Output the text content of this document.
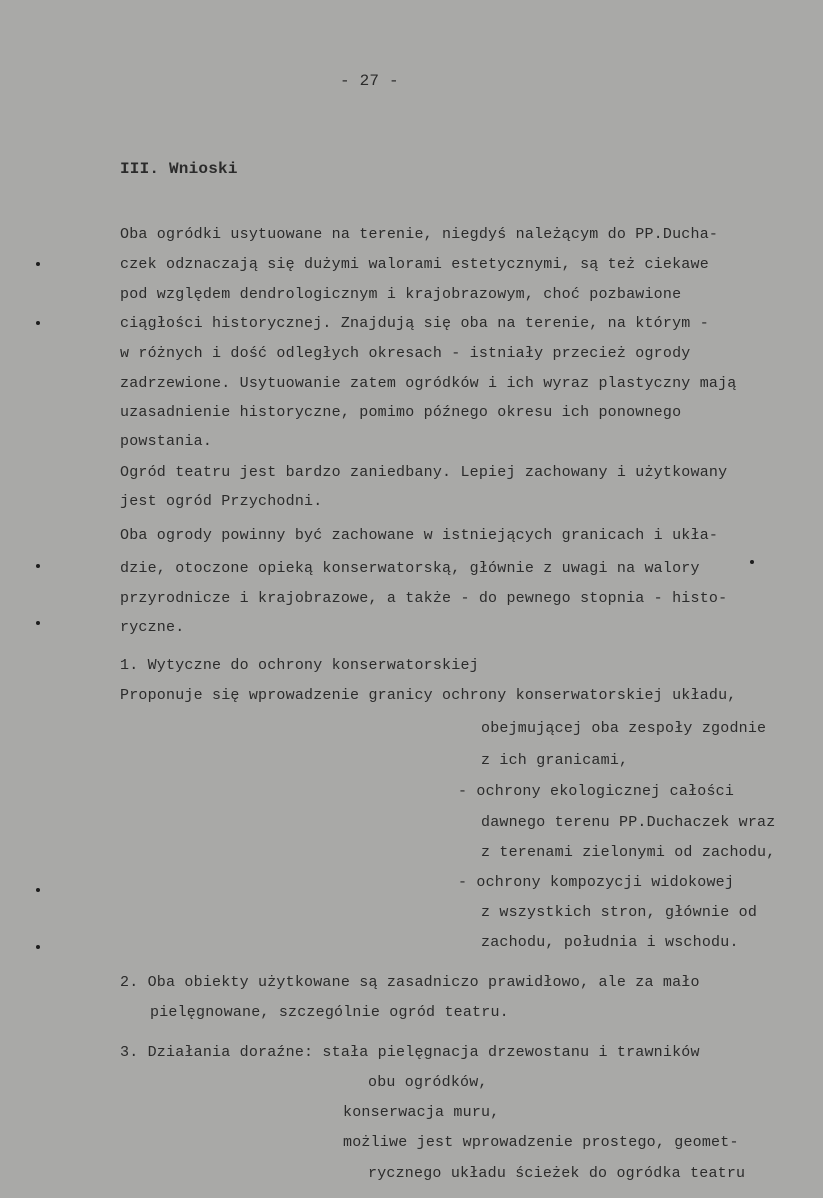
- 27 -
III. Wnioski
Oba ogródki usytuowane na terenie, niegdyś należącym do PP.Ducha-
czek odznaczają się dużymi walorami estetycznymi, są też ciekawe
pod względem dendrologicznym i krajobrazowym, choć pozbawione
ciągłości historycznej. Znajdują się oba na terenie, na którym -
w różnych i dość odległych okresach - istniały przecież ogrody
zadrzewione. Usytuowanie zatem ogródków i ich wyraz plastyczny mają
uzasadnienie historyczne, pomimo późnego okresu ich ponownego
powstania.
Ogród teatru jest bardzo zaniedbany. Lepiej zachowany i użytkowany
jest ogród Przychodni.
Oba ogrody powinny być zachowane w istniejących granicach i ukła-
dzie, otoczone opieką konserwatorską, głównie z uwagi na walory
przyrodnicze i krajobrazowe, a także - do pewnego stopnia - histo-
ryczne.
1. Wytyczne do ochrony konserwatorskiej
Proponuje się wprowadzenie granicy ochrony konserwatorskiej układu,
obejmującej oba zespoły zgodnie
z ich granicami,
- ochrony ekologicznej całości
dawnego terenu PP.Duchaczek wraz
z terenami zielonymi od zachodu,
- ochrony kompozycji widokowej
z wszystkich stron, głównie od
zachodu, południa i wschodu.
2. Oba obiekty użytkowane są zasadniczo prawidłowo, ale za mało
pielęgnowane, szczególnie ogród teatru.
3. Działania doraźne: stała pielęgnacja drzewostanu i trawników
obu ogródków,
konserwacja muru,
możliwe jest wprowadzenie prostego, geomet-
rycznego układu ścieżek do ogródka teatru
